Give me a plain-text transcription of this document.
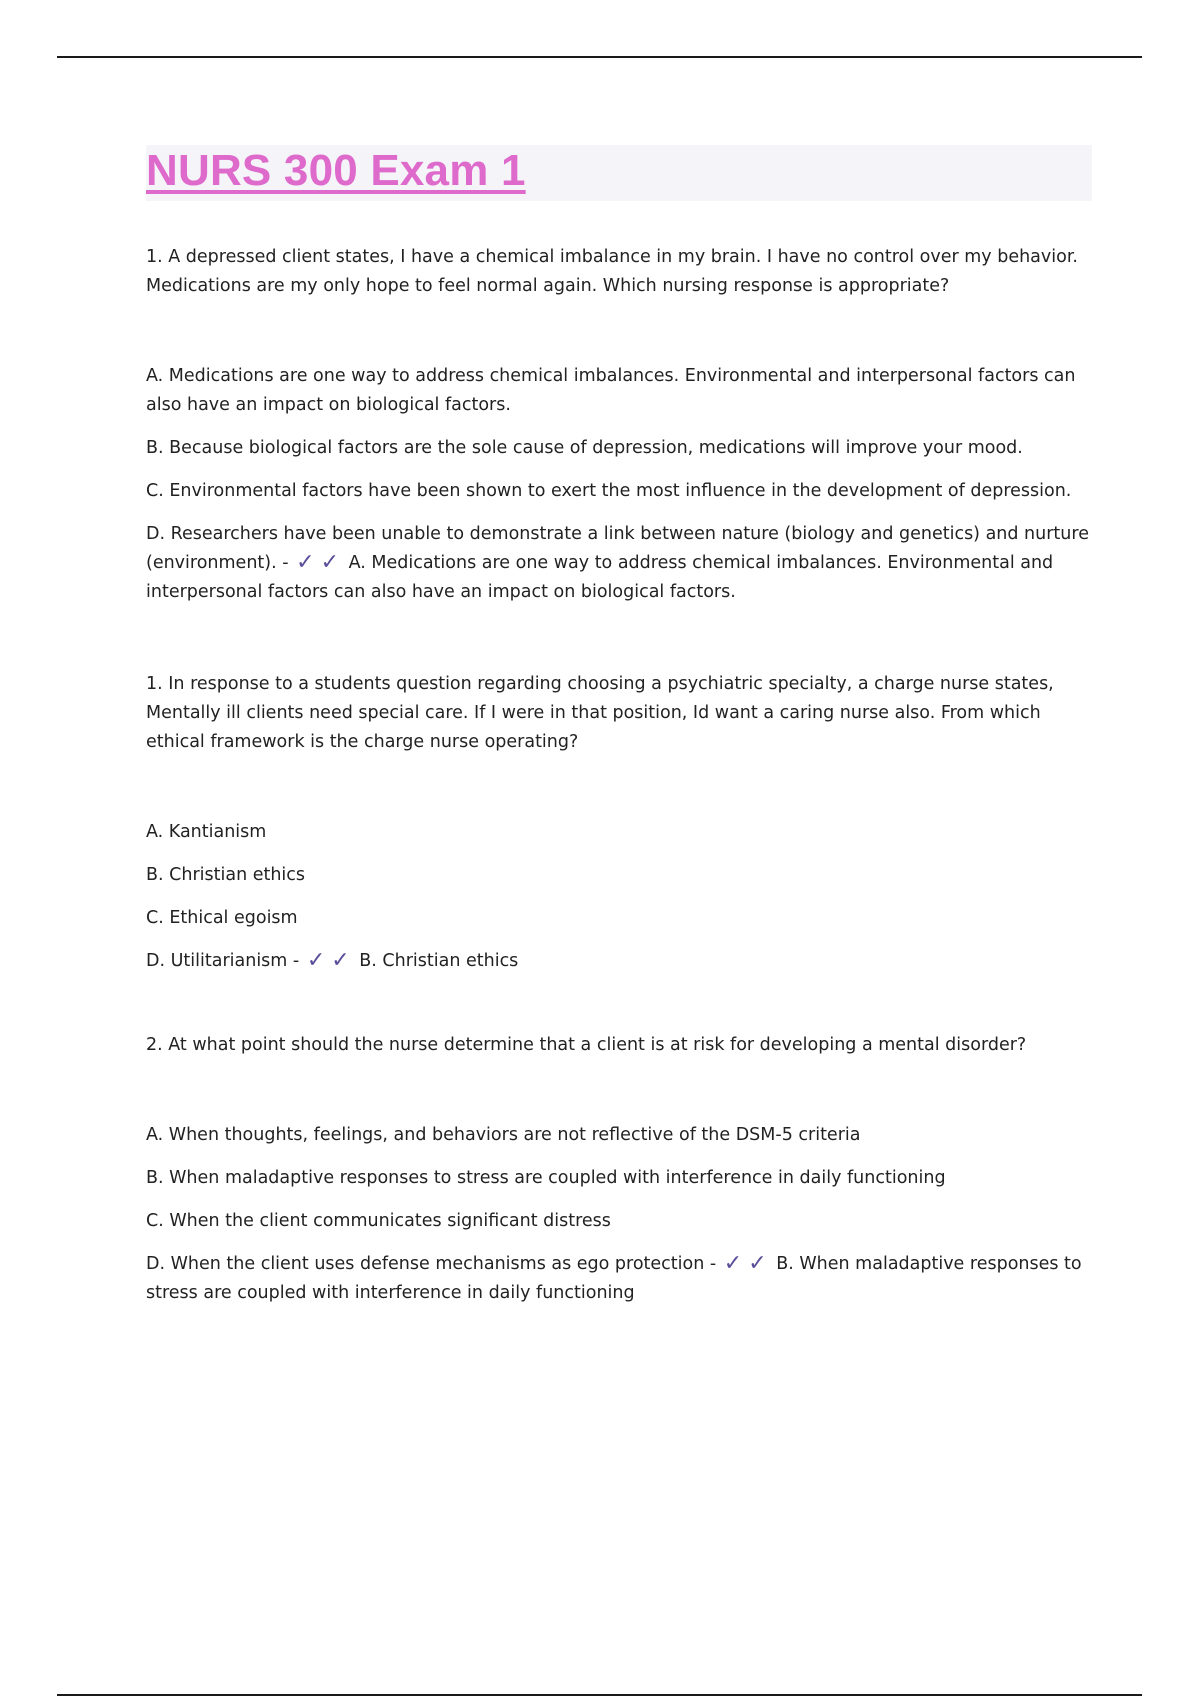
NURS 300 Exam 1

1. A depressed client states, I have a chemical imbalance in my brain. I have no control over my behavior. Medications are my only hope to feel normal again. Which nursing response is appropriate?

A. Medications are one way to address chemical imbalances. Environmental and interpersonal factors can also have an impact on biological factors.

B. Because biological factors are the sole cause of depression, medications will improve your mood.

C. Environmental factors have been shown to exert the most influence in the development of depression.

D. Researchers have been unable to demonstrate a link between nature (biology and genetics) and nurture (environment). - ✓ ✓ A. Medications are one way to address chemical imbalances. Environmental and interpersonal factors can also have an impact on biological factors.

1. In response to a students question regarding choosing a psychiatric specialty, a charge nurse states, Mentally ill clients need special care. If I were in that position, Id want a caring nurse also. From which ethical framework is the charge nurse operating?

A. Kantianism

B. Christian ethics

C. Ethical egoism

D. Utilitarianism - ✓ ✓ B. Christian ethics

2. At what point should the nurse determine that a client is at risk for developing a mental disorder?

A. When thoughts, feelings, and behaviors are not reflective of the DSM-5 criteria

B. When maladaptive responses to stress are coupled with interference in daily functioning

C. When the client communicates significant distress

D. When the client uses defense mechanisms as ego protection - ✓ ✓ B. When maladaptive responses to stress are coupled with interference in daily functioning
